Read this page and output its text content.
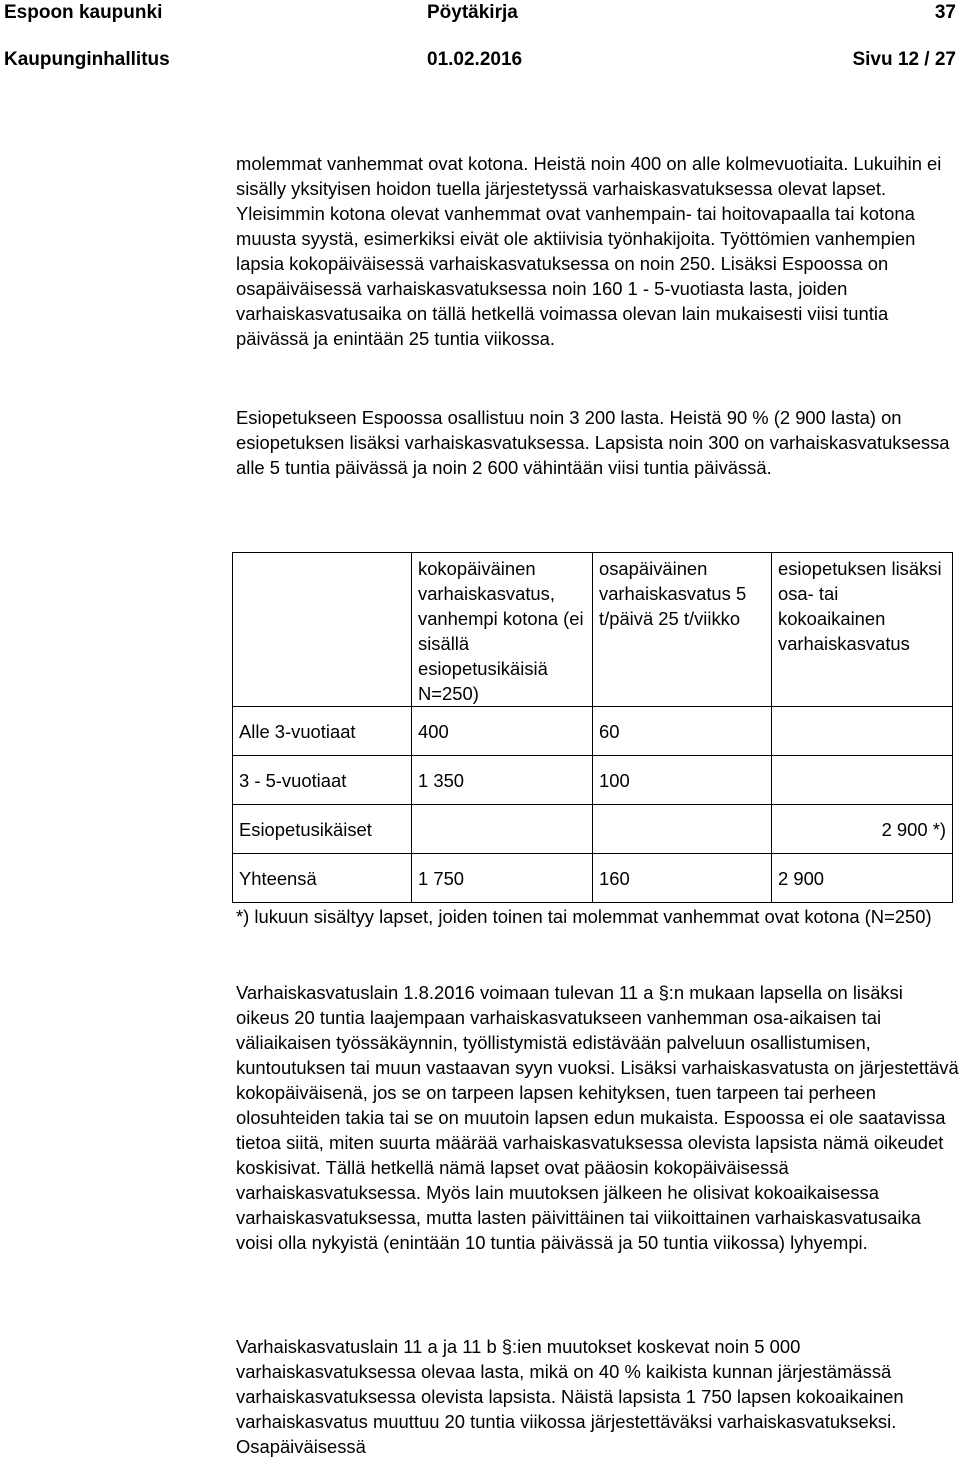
Espoon kaupunki	Pöytäkirja	37
Kaupunginhallitus	01.02.2016	Sivu 12 / 27

molemmat vanhemmat ovat kotona. Heistä noin 400 on alle kolmevuotiaita. Lukuihin ei sisälly yksityisen hoidon tuella järjestetyssä varhaiskasvatuksessa olevat lapset. Yleisimmin kotona olevat vanhemmat ovat vanhempain- tai hoitovapaalla tai kotona muusta syystä, esimerkiksi eivät ole aktiivisia työnhakijoita. Työttömien vanhempien lapsia kokopäiväisessä varhaiskasvatuksessa on noin 250. Lisäksi Espoossa on osapäiväisessä varhaiskasvatuksessa noin 160 1 - 5-vuotiasta lasta, joiden varhaiskasvatusaika on tällä hetkellä voimassa olevan lain mukaisesti viisi tuntia päivässä ja enintään 25 tuntia viikossa.

Esiopetukseen Espoossa osallistuu noin 3 200 lasta. Heistä 90 % (2 900 lasta) on esiopetuksen lisäksi varhaiskasvatuksessa. Lapsista noin 300 on varhaiskasvatuksessa alle 5 tuntia päivässä ja noin 2 600 vähintään viisi tuntia päivässä.

	kokopäiväinen varhaiskasvatus, vanhempi kotona (ei sisällä esiopetusikäisiä N=250)	osapäiväinen varhaiskasvatus 5 t/päivä 25 t/viikko	esiopetuksen lisäksi osa- tai kokoaikainen varhaiskasvatus
Alle 3-vuotiaat	400	60	
3 - 5-vuotiaat	1 350	100	
Esiopetusikäiset			2 900 *)
Yhteensä	1 750	160	2 900

*) lukuun sisältyy lapset, joiden toinen tai molemmat vanhemmat ovat kotona (N=250)

Varhaiskasvatuslain 1.8.2016 voimaan tulevan 11 a §:n mukaan lapsella on lisäksi oikeus 20 tuntia laajempaan varhaiskasvatukseen vanhemman osa-aikaisen tai väliaikaisen työssäkäynnin, työllistymistä edistävään palveluun osallistumisen, kuntoutuksen tai muun vastaavan syyn vuoksi. Lisäksi varhaiskasvatusta on järjestettävä kokopäiväisenä, jos se on tarpeen lapsen kehityksen, tuen tarpeen tai perheen olosuhteiden takia tai se on muutoin lapsen edun mukaista. Espoossa ei ole saatavissa tietoa siitä, miten suurta määrää varhaiskasvatuksessa olevista lapsista nämä oikeudet koskisivat. Tällä hetkellä nämä lapset ovat pääosin kokopäiväisessä varhaiskasvatuksessa. Myös lain muutoksen jälkeen he olisivat kokoaikaisessa varhaiskasvatuksessa, mutta lasten päivittäinen tai viikoittainen varhaiskasvatusaika voisi olla nykyistä (enintään 10 tuntia päivässä ja 50 tuntia viikossa) lyhyempi.

Varhaiskasvatuslain 11 a ja 11 b §:ien muutokset koskevat noin 5 000 varhaiskasvatuksessa olevaa lasta, mikä on 40 % kaikista kunnan järjestämässä varhaiskasvatuksessa olevista lapsista. Näistä lapsista 1 750 lapsen kokoaikainen varhaiskasvatus muuttuu 20 tuntia viikossa järjestettäväksi varhaiskasvatukseksi. Osapäiväisessä
